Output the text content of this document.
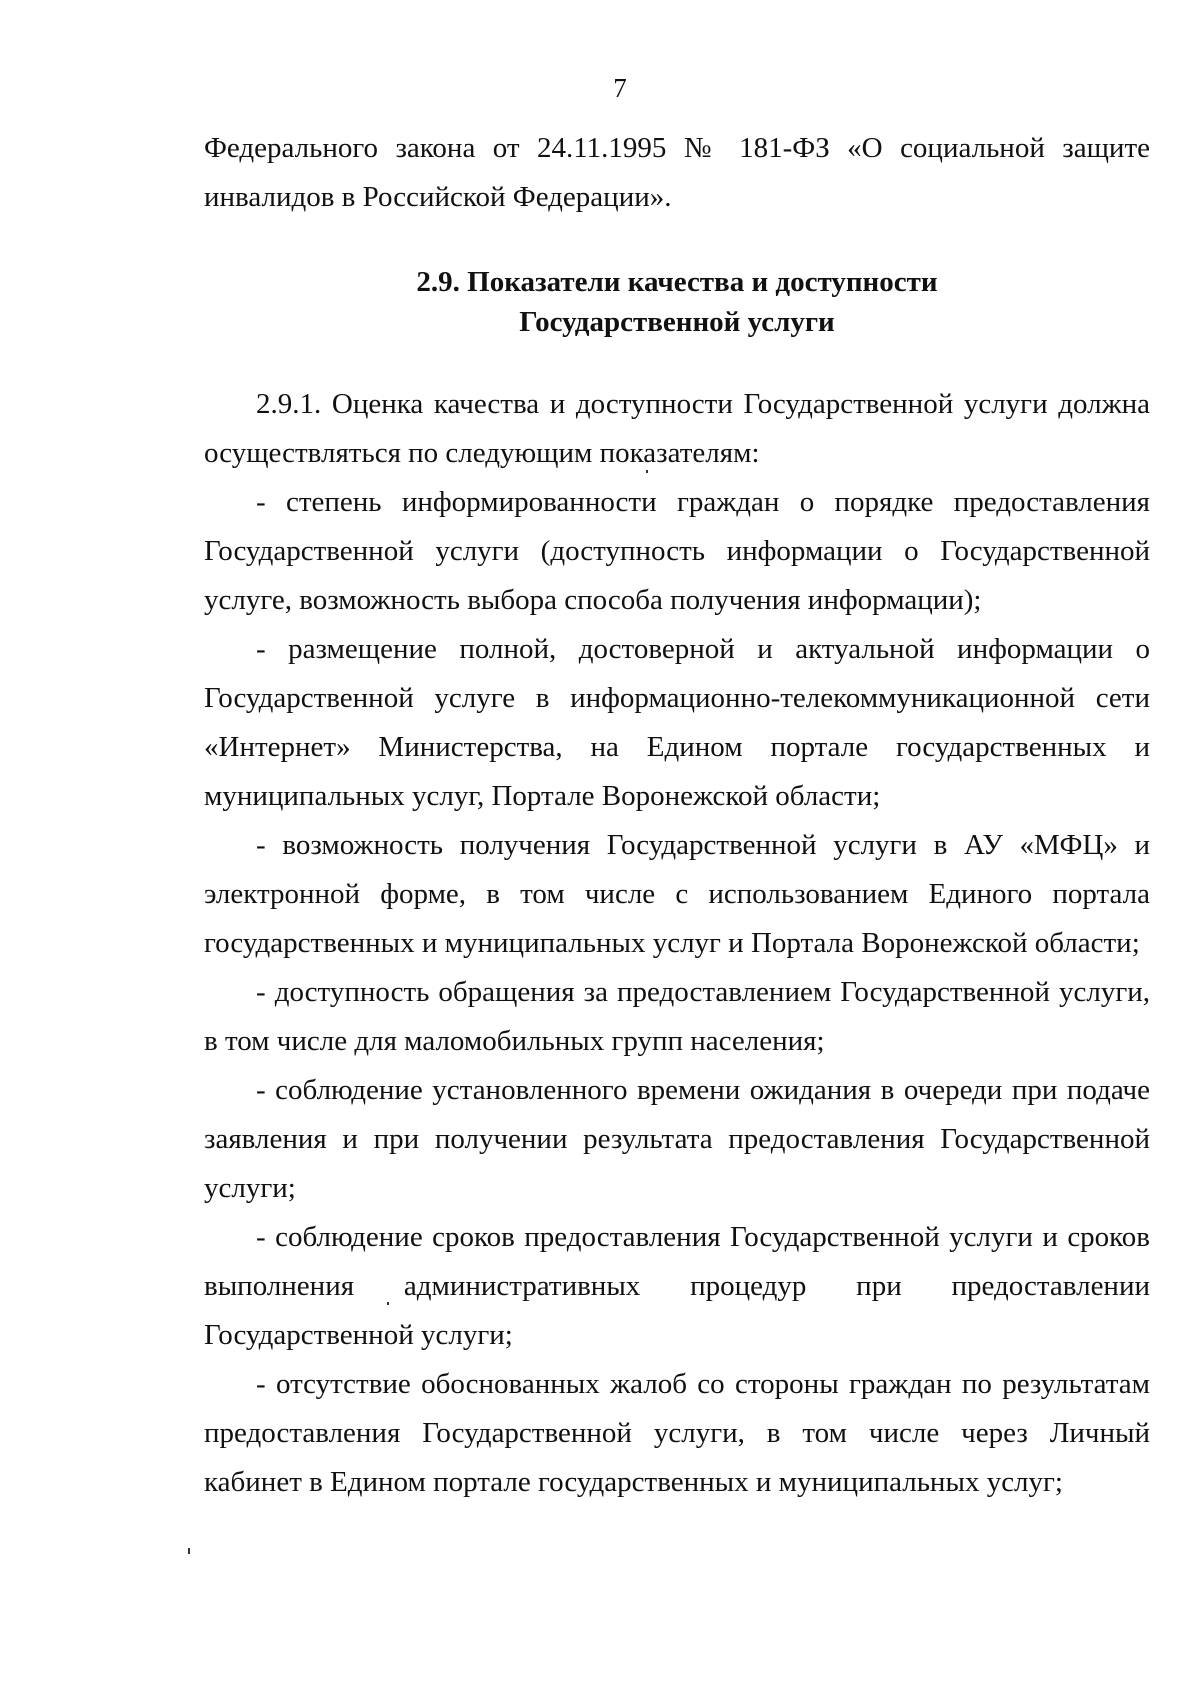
7

Федерального закона от 24.11.1995 № 181-ФЗ «О социальной защите инвалидов в Российской Федерации».

2.9. Показатели качества и доступности
Государственной услуги

2.9.1. Оценка качества и доступности Государственной услуги должна осуществляться по следующим показателям:

- степень информированности граждан о порядке предоставления Государственной услуги (доступность информации о Государственной услуге, возможность выбора способа получения информации);

- размещение полной, достоверной и актуальной информации о Государственной услуге в информационно-телекоммуникационной сети «Интернет» Министерства, на Едином портале государственных и муниципальных услуг, Портале Воронежской области;

- возможность получения Государственной услуги в АУ «МФЦ» и электронной форме, в том числе с использованием Единого портала государственных и муниципальных услуг и Портала Воронежской области;

- доступность обращения за предоставлением Государственной услуги, в том числе для маломобильных групп населения;

- соблюдение установленного времени ожидания в очереди при подаче заявления и при получении результата предоставления Государственной услуги;

- соблюдение сроков предоставления Государственной услуги и сроков выполнения административных процедур при предоставлении Государственной услуги;

- отсутствие обоснованных жалоб со стороны граждан по результатам предоставления Государственной услуги, в том числе через Личный кабинет в Едином портале государственных и муниципальных услуг;
